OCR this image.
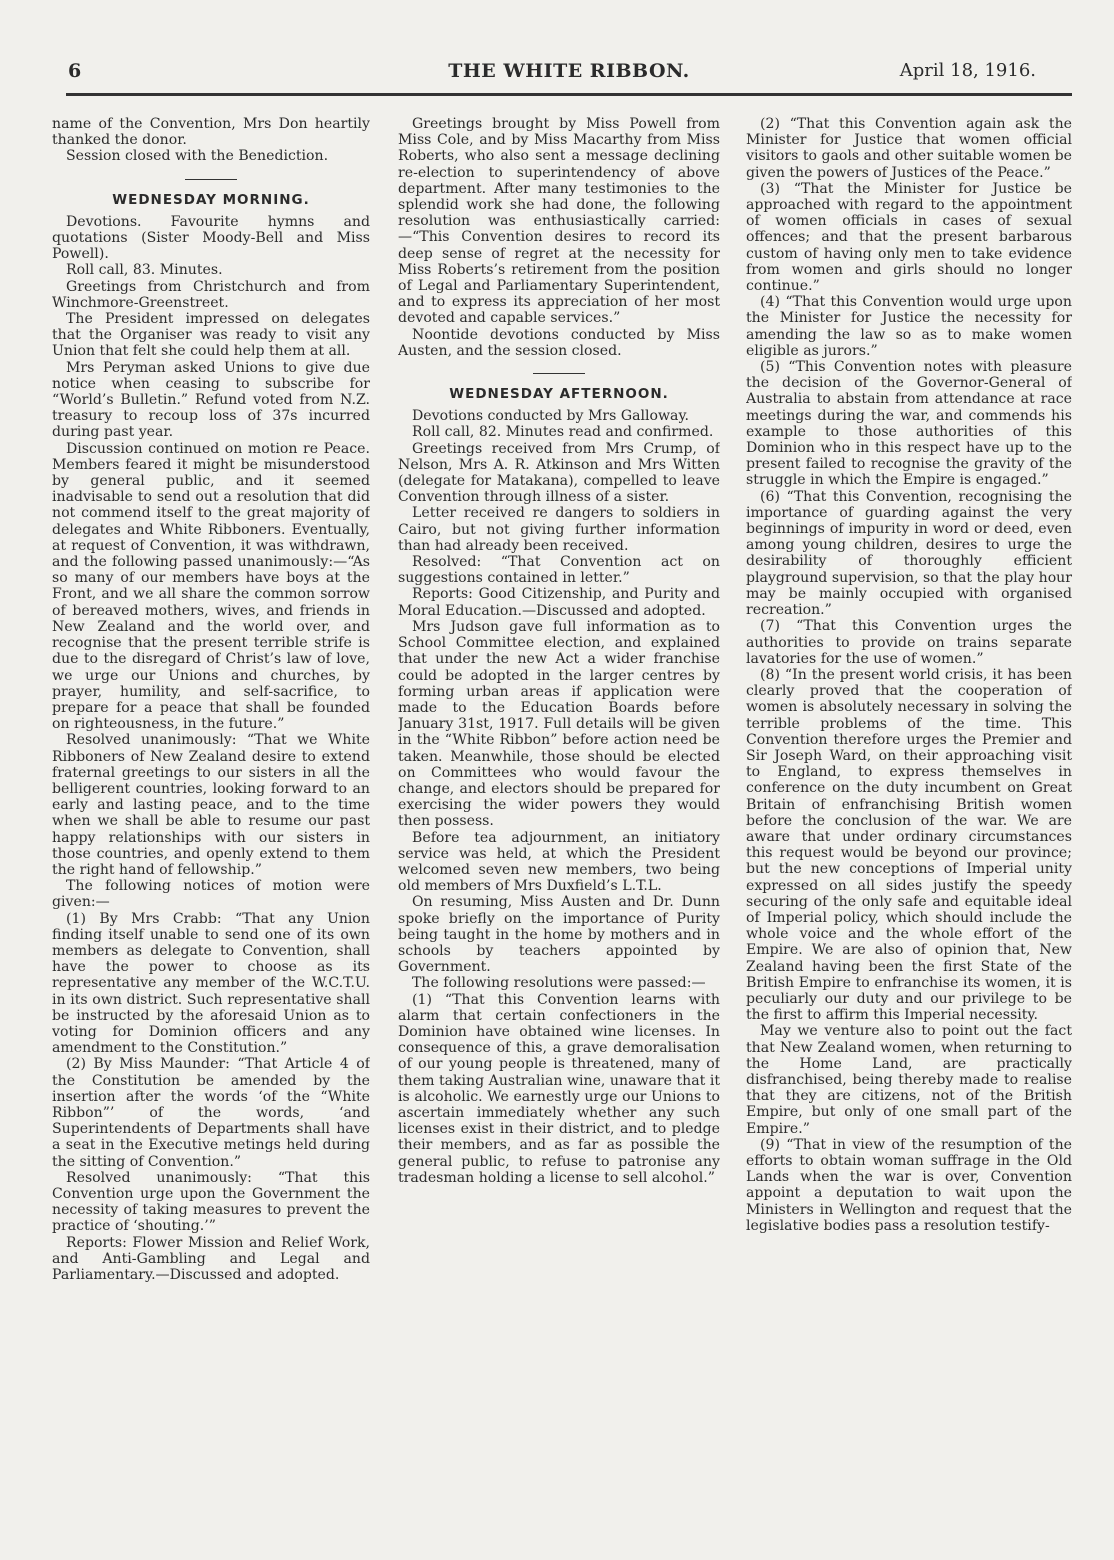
6	THE WHITE RIBBON.	April 18, 1916.

name of the Convention, Mrs Don heartily thanked the donor.

Session closed with the Benediction.

WEDNESDAY MORNING.

Devotions. Favourite hymns and quotations (Sister Moody-Bell and Miss Powell).

Roll call, 83. Minutes.

Greetings from Christchurch and from Winchmore-Greenstreet.

The President impressed on delegates that the Organiser was ready to visit any Union that felt she could help them at all.

Mrs Peryman asked Unions to give due notice when ceasing to subscribe for “World’s Bulletin.” Refund voted from N.Z. treasury to recoup loss of 37s incurred during past year.

Discussion continued on motion re Peace. Members feared it might be misunderstood by general public, and it seemed inadvisable to send out a resolution that did not commend itself to the great majority of delegates and White Ribboners. Eventually, at request of Convention, it was withdrawn, and the following passed unanimously:—“As so many of our members have boys at the Front, and we all share the common sorrow of bereaved mothers, wives, and friends in New Zealand and the world over, and recognise that the present terrible strife is due to the disregard of Christ’s law of love, we urge our Unions and churches, by prayer, humility, and self-sacrifice, to prepare for a peace that shall be founded on righteousness, in the future.”

Resolved unanimously: “That we White Ribboners of New Zealand desire to extend fraternal greetings to our sisters in all the belligerent countries, looking forward to an early and lasting peace, and to the time when we shall be able to resume our past happy relationships with our sisters in those countries, and openly extend to them the right hand of fellowship.”

The following notices of motion were given:—

(1) By Mrs Crabb: “That any Union finding itself unable to send one of its own members as delegate to Convention, shall have the power to choose as its representative any member of the W.C.T.U. in its own district. Such representative shall be instructed by the aforesaid Union as to voting for Dominion officers and any amendment to the Constitution.”

(2) By Miss Maunder: “That Article 4 of the Constitution be amended by the insertion after the words ‘of the “White Ribbon”’ of the words, ‘and Superintendents of Departments shall have a seat in the Executive metings held during the sitting of Convention.”

Resolved unanimously: “That this Convention urge upon the Government the necessity of taking measures to prevent the practice of ‘shouting.’”

Reports: Flower Mission and Relief Work, and Anti-Gambling and Legal and Parliamentary.—Discussed and adopted.

Greetings brought by Miss Powell from Miss Cole, and by Miss Macarthy from Miss Roberts, who also sent a message declining re-election to superintendency of above department. After many testimonies to the splendid work she had done, the following resolution was enthusiastically carried:—“This Convention desires to record its deep sense of regret at the necessity for Miss Roberts’s retirement from the position of Legal and Parliamentary Superintendent, and to express its appreciation of her most devoted and capable services.”

Noontide devotions conducted by Miss Austen, and the session closed.

WEDNESDAY AFTERNOON.

Devotions conducted by Mrs Galloway.

Roll call, 82. Minutes read and confirmed.

Greetings received from Mrs Crump, of Nelson, Mrs A. R. Atkinson and Mrs Witten (delegate for Matakana), compelled to leave Convention through illness of a sister.

Letter received re dangers to soldiers in Cairo, but not giving further information than had already been received.

Resolved: “That Convention act on suggestions contained in letter.”

Reports: Good Citizenship, and Purity and Moral Education.—Discussed and adopted.

Mrs Judson gave full information as to School Committee election, and explained that under the new Act a wider franchise could be adopted in the larger centres by forming urban areas if application were made to the Education Boards before January 31st, 1917. Full details will be given in the “White Ribbon” before action need be taken. Meanwhile, those should be elected on Committees who would favour the change, and electors should be prepared for exercising the wider powers they would then possess.

Before tea adjournment, an initiatory service was held, at which the President welcomed seven new members, two being old members of Mrs Duxfield’s L.T.L.

On resuming, Miss Austen and Dr. Dunn spoke briefly on the importance of Purity being taught in the home by mothers and in schools by teachers appointed by Government.

The following resolutions were passed:—

(1) “That this Convention learns with alarm that certain confectioners in the Dominion have obtained wine licenses. In consequence of this, a grave demoralisation of our young people is threatened, many of them taking Australian wine, unaware that it is alcoholic. We earnestly urge our Unions to ascertain immediately whether any such licenses exist in their district, and to pledge their members, and as far as possible the general public, to refuse to patronise any tradesman holding a license to sell alcohol.”

(2) “That this Convention again ask the Minister for Justice that women official visitors to gaols and other suitable women be given the powers of Justices of the Peace.”

(3) “That the Minister for Justice be approached with regard to the appointment of women officials in cases of sexual offences; and that the present barbarous custom of having only men to take evidence from women and girls should no longer continue.”

(4) “That this Convention would urge upon the Minister for Justice the necessity for amending the law so as to make women eligible as jurors.”

(5) “This Convention notes with pleasure the decision of the Governor-General of Australia to abstain from attendance at race meetings during the war, and commends his example to those authorities of this Dominion who in this respect have up to the present failed to recognise the gravity of the struggle in which the Empire is engaged.”

(6) “That this Convention, recognising the importance of guarding against the very beginnings of impurity in word or deed, even among young children, desires to urge the desirability of thoroughly efficient playground supervision, so that the play hour may be mainly occupied with organised recreation.”

(7) “That this Convention urges the authorities to provide on trains separate lavatories for the use of women.”

(8) “In the present world crisis, it has been clearly proved that the cooperation of women is absolutely necessary in solving the terrible problems of the time. This Convention therefore urges the Premier and Sir Joseph Ward, on their approaching visit to England, to express themselves in conference on the duty incumbent on Great Britain of enfranchising British women before the conclusion of the war. We are aware that under ordinary circumstances this request would be beyond our province; but the new conceptions of Imperial unity expressed on all sides justify the speedy securing of the only safe and equitable ideal of Imperial policy, which should include the whole voice and the whole effort of the Empire. We are also of opinion that, New Zealand having been the first State of the British Empire to enfranchise its women, it is peculiarly our duty and our privilege to be the first to affirm this Imperial necessity.

May we venture also to point out the fact that New Zealand women, when returning to the Home Land, are practically disfranchised, being thereby made to realise that they are citizens, not of the British Empire, but only of one small part of the Empire.”

(9) “That in view of the resumption of the efforts to obtain woman suffrage in the Old Lands when the war is over, Convention appoint a deputation to wait upon the Ministers in Wellington and request that the legislative bodies pass a resolution testify-
